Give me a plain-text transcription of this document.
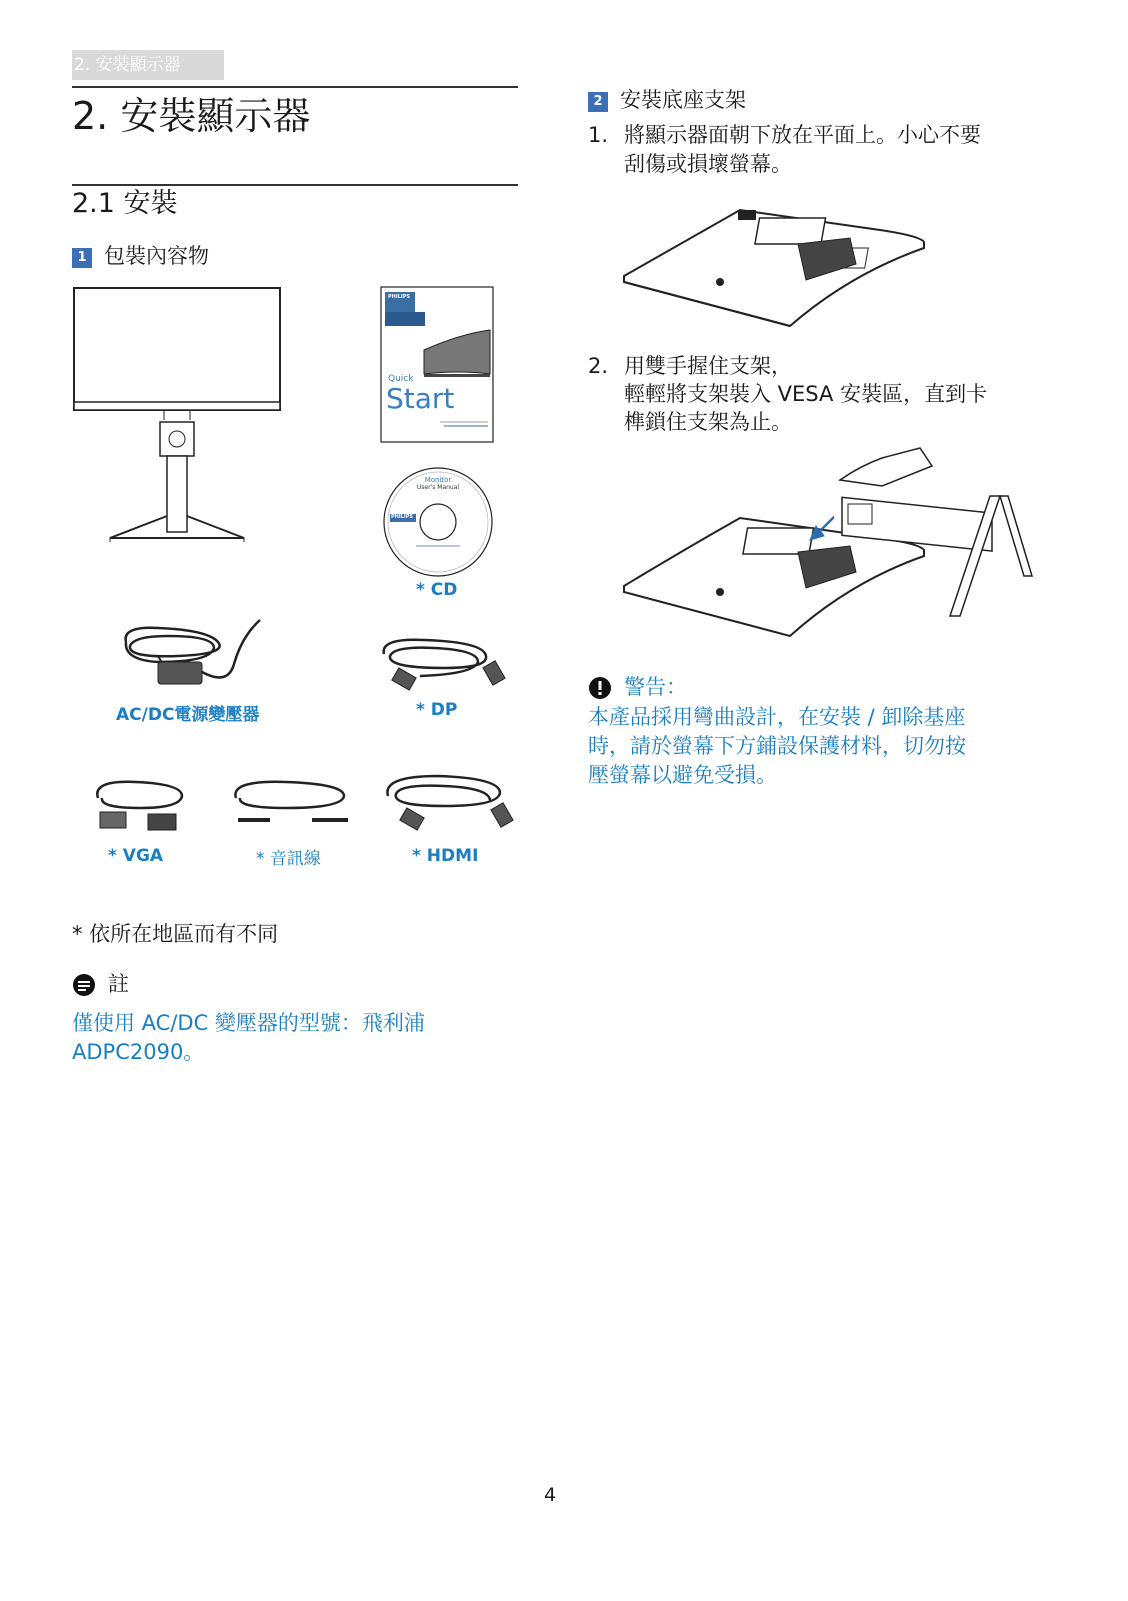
2. 安裝顯示器
2. 安裝顯示器
2.1 安裝
1 包裝內容物
PHILIPS
Quick
Start
Monitor
User's Manual
PHILIPS
* CD
AC/DC電源變壓器	* DP
* VGA	* 音訊線	* HDMI
* 依所在地區而有不同
註
僅使用 AC/DC 變壓器的型號：飛利浦
ADPC2090。
2 安裝底座支架
1. 將顯示器面朝下放在平面上。小心不要
刮傷或損壞螢幕。
2. 用雙手握住支架，
輕輕將支架裝入 VESA 安裝區，直到卡
榫鎖住支架為止。
警告：
本產品採用彎曲設計，在安裝 / 卸除基座
時，請於螢幕下方鋪設保護材料，切勿按
壓螢幕以避免受損。
4
